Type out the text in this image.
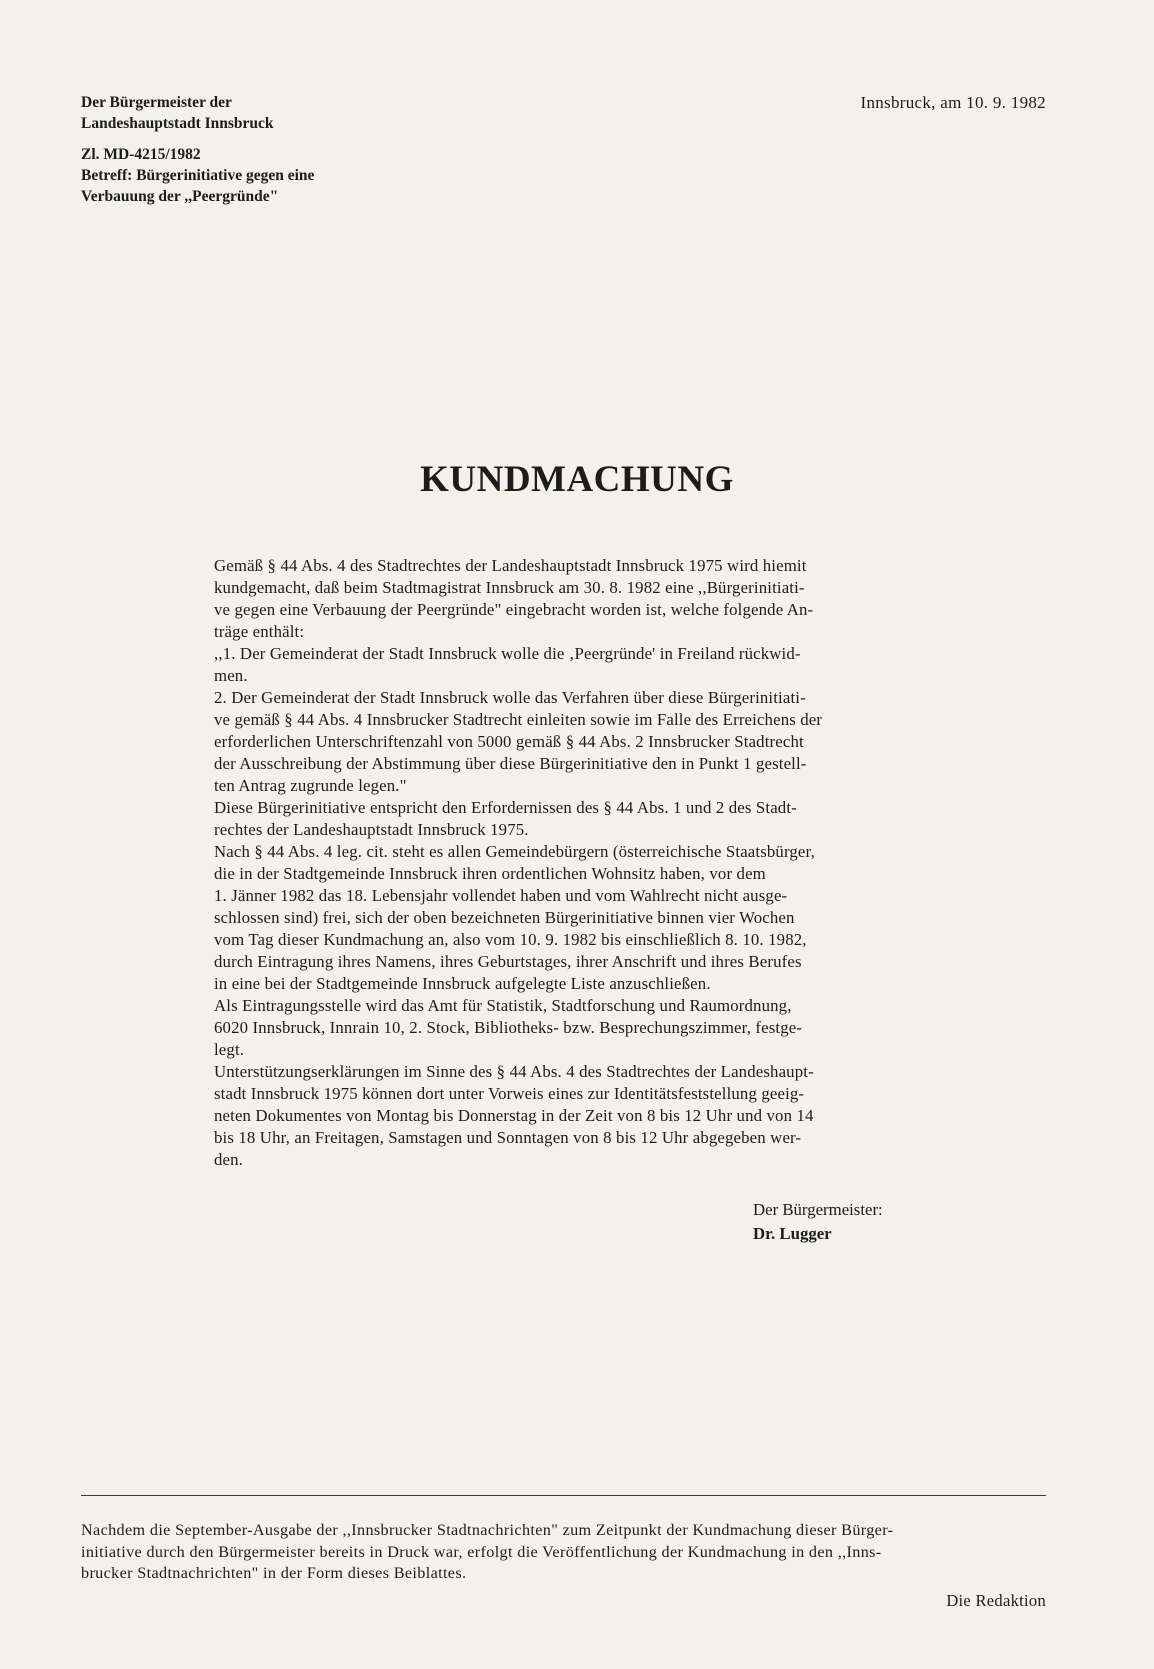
Der Bürgermeister der
Landeshauptstadt Innsbruck
Zl. MD-4215/1982
Betreff: Bürgerinitiative gegen eine
Verbauung der ,,Peergründe"
Innsbruck, am 10. 9. 1982
KUNDMACHUNG

Gemäß § 44 Abs. 4 des Stadtrechtes der Landeshauptstadt Innsbruck 1975 wird hiemit

kundgemacht, daß beim Stadtmagistrat Innsbruck am 30. 8. 1982 eine ,,Bürgerinitiati-

ve gegen eine Verbauung der Peergründe" eingebracht worden ist, welche folgende An-

träge enthält:

,,1. Der Gemeinderat der Stadt Innsbruck wolle die ‚Peergründe' in Freiland rückwid-

men.

2. Der Gemeinderat der Stadt Innsbruck wolle das Verfahren über diese Bürgerinitiati-

ve gemäß § 44 Abs. 4 Innsbrucker Stadtrecht einleiten sowie im Falle des Erreichens der

erforderlichen Unterschriftenzahl von 5000 gemäß § 44 Abs. 2 Innsbrucker Stadtrecht

der Ausschreibung der Abstimmung über diese Bürgerinitiative den in Punkt 1 gestell-

ten Antrag zugrunde legen."

Diese Bürgerinitiative entspricht den Erfordernissen des § 44 Abs. 1 und 2 des Stadt-

rechtes der Landeshauptstadt Innsbruck 1975.

Nach § 44 Abs. 4 leg. cit. steht es allen Gemeindebürgern (österreichische Staatsbürger,

die in der Stadtgemeinde Innsbruck ihren ordentlichen Wohnsitz haben, vor dem

1. Jänner 1982 das 18. Lebensjahr vollendet haben und vom Wahlrecht nicht ausge-

schlossen sind) frei, sich der oben bezeichneten Bürgerinitiative binnen vier Wochen

vom Tag dieser Kundmachung an, also vom 10. 9. 1982 bis einschließlich 8. 10. 1982,

durch Eintragung ihres Namens, ihres Geburtstages, ihrer Anschrift und ihres Berufes

in eine bei der Stadtgemeinde Innsbruck aufgelegte Liste anzuschließen.

Als Eintragungsstelle wird das Amt für Statistik, Stadtforschung und Raumordnung,

6020 Innsbruck, Innrain 10, 2. Stock, Bibliotheks- bzw. Besprechungszimmer, festge-

legt.

Unterstützungserklärungen im Sinne des § 44 Abs. 4 des Stadtrechtes der Landeshaupt-

stadt Innsbruck 1975 können dort unter Vorweis eines zur Identitätsfeststellung geeig-

neten Dokumentes von Montag bis Donnerstag in der Zeit von 8 bis 12 Uhr und von 14

bis 18 Uhr, an Freitagen, Samstagen und Sonntagen von 8 bis 12 Uhr abgegeben wer-

den.

Der Bürgermeister:
Dr. Lugger

Nachdem die September-Ausgabe der ,,Innsbrucker Stadtnachrichten" zum Zeitpunkt der Kundmachung dieser Bürger-

initiative durch den Bürgermeister bereits in Druck war, erfolgt die Veröffentlichung der Kundmachung in den ,,Inns-

brucker Stadtnachrichten" in der Form dieses Beiblattes.

Die Redaktion
